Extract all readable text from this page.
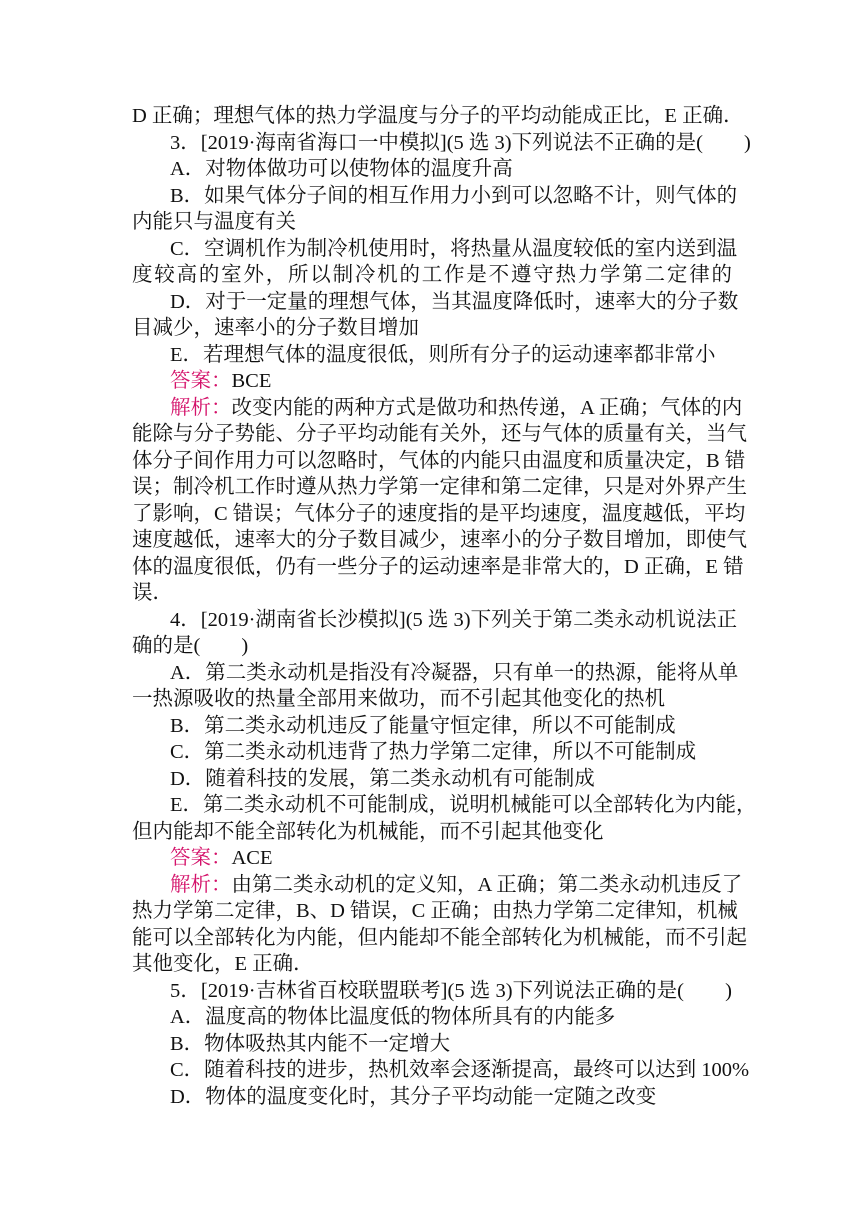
D 正确；理想气体的热力学温度与分子的平均动能成正比，E 正确．
3．[2019·海南省海口一中模拟](5 选 3)下列说法不正确的是(　　)
A．对物体做功可以使物体的温度升高
B．如果气体分子间的相互作用力小到可以忽略不计，则气体的
内能只与温度有关
C．空调机作为制冷机使用时，将热量从温度较低的室内送到温
度较高的室外，所以制冷机的工作是不遵守热力学第二定律的
D．对于一定量的理想气体，当其温度降低时，速率大的分子数
目减少，速率小的分子数目增加
E．若理想气体的温度很低，则所有分子的运动速率都非常小
答案：BCE
解析：改变内能的两种方式是做功和热传递，A 正确；气体的内
能除与分子势能、分子平均动能有关外，还与气体的质量有关，当气
体分子间作用力可以忽略时，气体的内能只由温度和质量决定，B 错
误；制冷机工作时遵从热力学第一定律和第二定律，只是对外界产生
了影响，C 错误；气体分子的速度指的是平均速度，温度越低，平均
速度越低，速率大的分子数目减少，速率小的分子数目增加，即使气
体的温度很低，仍有一些分子的运动速率是非常大的，D 正确，E 错
误．
4．[2019·湖南省长沙模拟](5 选 3)下列关于第二类永动机说法正
确的是(　　)
A．第二类永动机是指没有冷凝器，只有单一的热源，能将从单
一热源吸收的热量全部用来做功，而不引起其他变化的热机
B．第二类永动机违反了能量守恒定律，所以不可能制成
C．第二类永动机违背了热力学第二定律，所以不可能制成
D．随着科技的发展，第二类永动机有可能制成
E．第二类永动机不可能制成，说明机械能可以全部转化为内能，
但内能却不能全部转化为机械能，而不引起其他变化
答案：ACE
解析：由第二类永动机的定义知，A 正确；第二类永动机违反了
热力学第二定律，B、D 错误，C 正确；由热力学第二定律知，机械
能可以全部转化为内能，但内能却不能全部转化为机械能，而不引起
其他变化，E 正确．
5．[2019·吉林省百校联盟联考](5 选 3)下列说法正确的是(　　)
A．温度高的物体比温度低的物体所具有的内能多
B．物体吸热其内能不一定增大
C．随着科技的进步，热机效率会逐渐提高，最终可以达到 100%
D．物体的温度变化时，其分子平均动能一定随之改变
